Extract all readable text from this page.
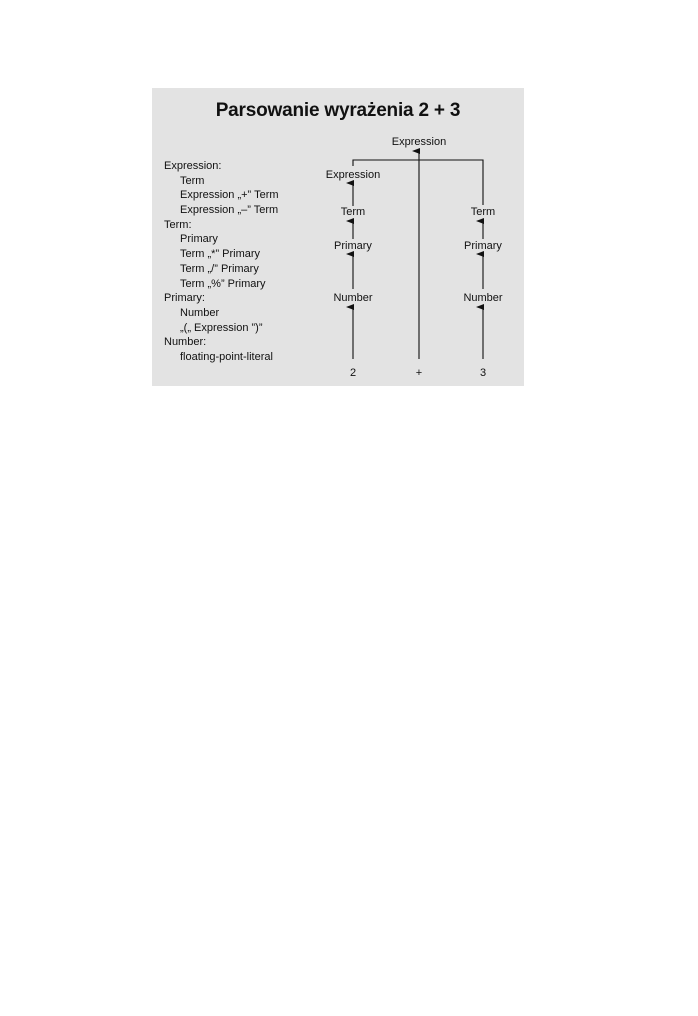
Parsowanie wyrażenia 2 + 3
Expression:
Term
Expression „+” Term
Expression „–” Term
Term:
Primary
Term „*” Primary
Term „/” Primary
Term „%” Primary
Primary:
Number
„(„ Expression ”)”
Number:
floating-point-literal
Expression
Expression
Term
Primary
Number
2	+
Term
Primary
Number
3
